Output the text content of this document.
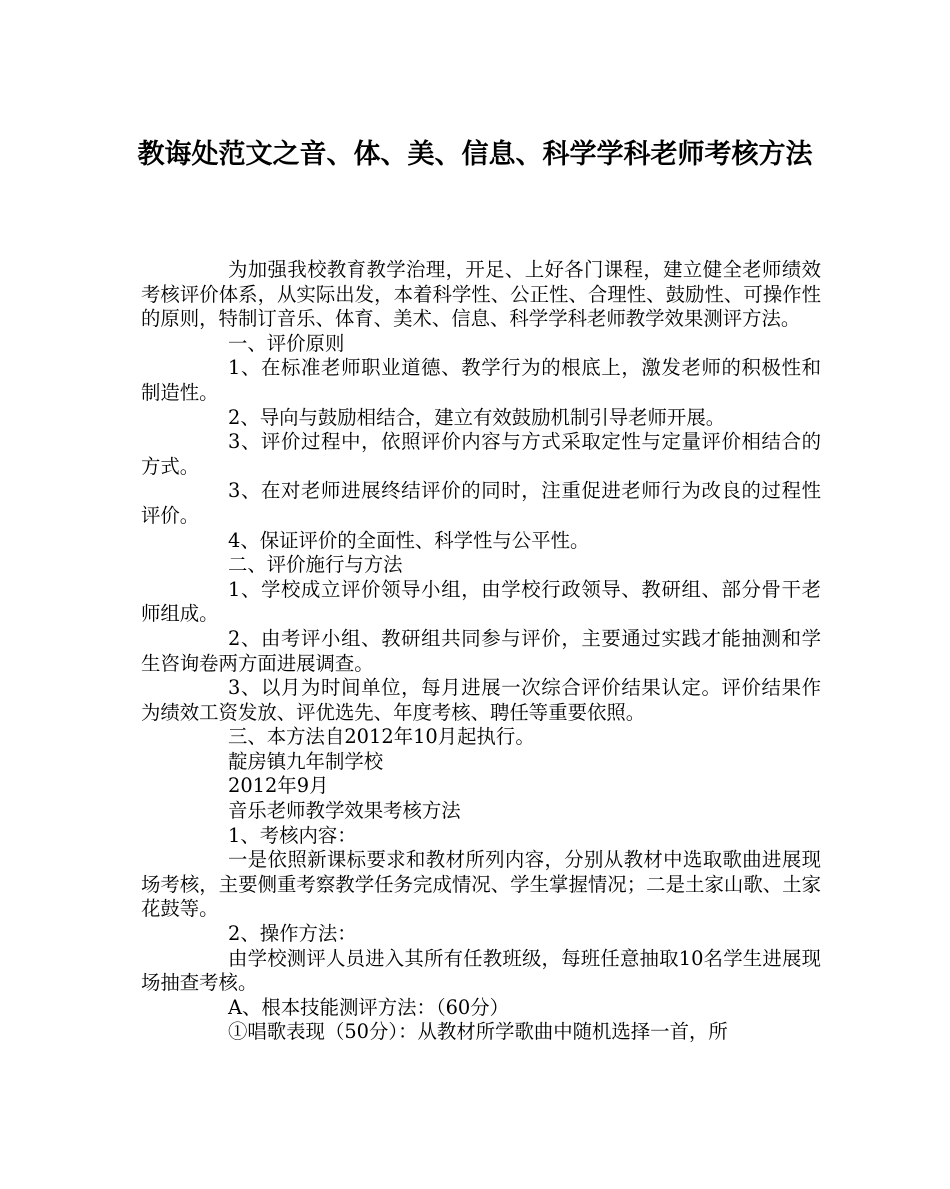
教诲处范文之音、体、美、信息、科学学科老师考核方法

为加强我校教育教学治理，开足、上好各门课程，建立健全老师绩效考核评价体系，从实际出发，本着科学性、公正性、合理性、鼓励性、可操作性的原则，特制订音乐、体育、美术、信息、科学学科老师教学效果测评方法。

一、评价原则

1、在标准老师职业道德、教学行为的根底上，激发老师的积极性和制造性。

2、导向与鼓励相结合，建立有效鼓励机制引导老师开展。

3、评价过程中，依照评价内容与方式采取定性与定量评价相结合的方式。

3、在对老师进展终结评价的同时，注重促进老师行为改良的过程性评价。

4、保证评价的全面性、科学性与公平性。

二、评价施行与方法

1、学校成立评价领导小组，由学校行政领导、教研组、部分骨干老师组成。

2、由考评小组、教研组共同参与评价，主要通过实践才能抽测和学生咨询卷两方面进展调查。

3、以月为时间单位，每月进展一次综合评价结果认定。评价结果作为绩效工资发放、评优选先、年度考核、聘任等重要依照。

三、本方法自2012年10月起执行。

靛房镇九年制学校

2012年9月

音乐老师教学效果考核方法

1、考核内容：

一是依照新课标要求和教材所列内容，分别从教材中选取歌曲进展现场考核，主要侧重考察教学任务完成情况、学生掌握情况；二是土家山歌、土家花鼓等。

2、操作方法：

由学校测评人员进入其所有任教班级，每班任意抽取10名学生进展现场抽查考核。

A、根本技能测评方法：（60分）

①唱歌表现（50分）：从教材所学歌曲中随机选择一首，所
